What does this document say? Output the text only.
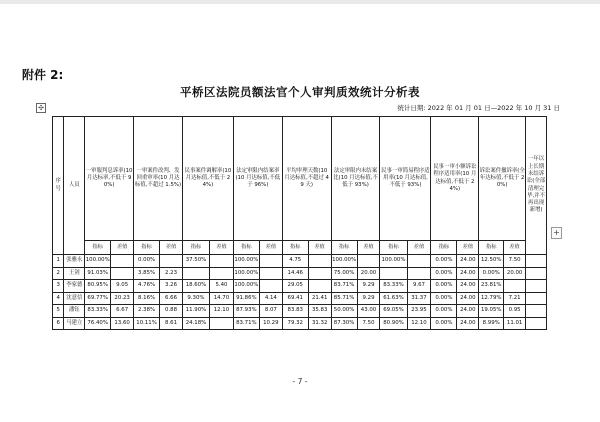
附件 2:
平桥区法院员额法官个人审判质效统计分析表
✣	统计日期: 2022 年 01 月 01 日—2022 年 10 月 31 日
序号	人员	一审服判息诉率(10 月达标率,不低于 90%)		一审案件改判、发回重审率(10 月达标值,不超过 1.5%)		民事案件调解率(10 月达标值,不低于 24%)		法定审限内结案率(10 月达标值,不低于 96%)		平均审理天数(10 月达标值,不超过 49 天)		法定审限内未结案比(10 月达标值,不低于 93%)		民事一审简易程序适用率(10 月达标值,不低于 93%)		民事一审小额诉讼程序适用率(10 月达标值,不低于 24%)		诉讼案件撤诉率(全年达标值,不低于 20%)		一年以上长期未结诉讼(全部清理完毕,并不再出现新增)
		指标	差值	指标	差值	指标	差值	指标	差值	指标	差值	指标	差值	指标	差值	指标	差值	指标	差值	
1	张雅永	100.00%		0.00%		37.50%		100.00%		4.75		100.00%		100.00%		0.00%	24.00	12.50%	7.50	
2	王剑	91.03%		3.85%	2.23			100.00%		14.46		75.00%	20.00			0.00%	24.00	0.00%	20.00	
3	李家德	80.95%	9.05	4.76%	3.26	18.60%	5.40	100.00%		29.05		83.71%	9.29	83.33%	9.67	0.00%	24.00	23.81%		
4	沈意信	69.77%	20.23	8.16%	6.66	9.30%	14.70	91.86%	4.14	69.41	21.41	85.71%	9.29	61.63%	31.37	0.00%	24.00	12.79%	7.21	
5	潘钰	83.33%	6.67	2.38%	0.88	11.90%	12.10	87.93%	8.07	83.83	35.83	50.00%	43.00	69.05%	23.95	0.00%	24.00	19.05%	0.95	
6	马建立	76.40%	13.60	10.11%	8.61	24.18%		83.71%	10.29	79.32	31.32	87.30%	7.50	80.90%	12.10	0.00%	24.00	8.99%	11.01	
+
- 7 -
